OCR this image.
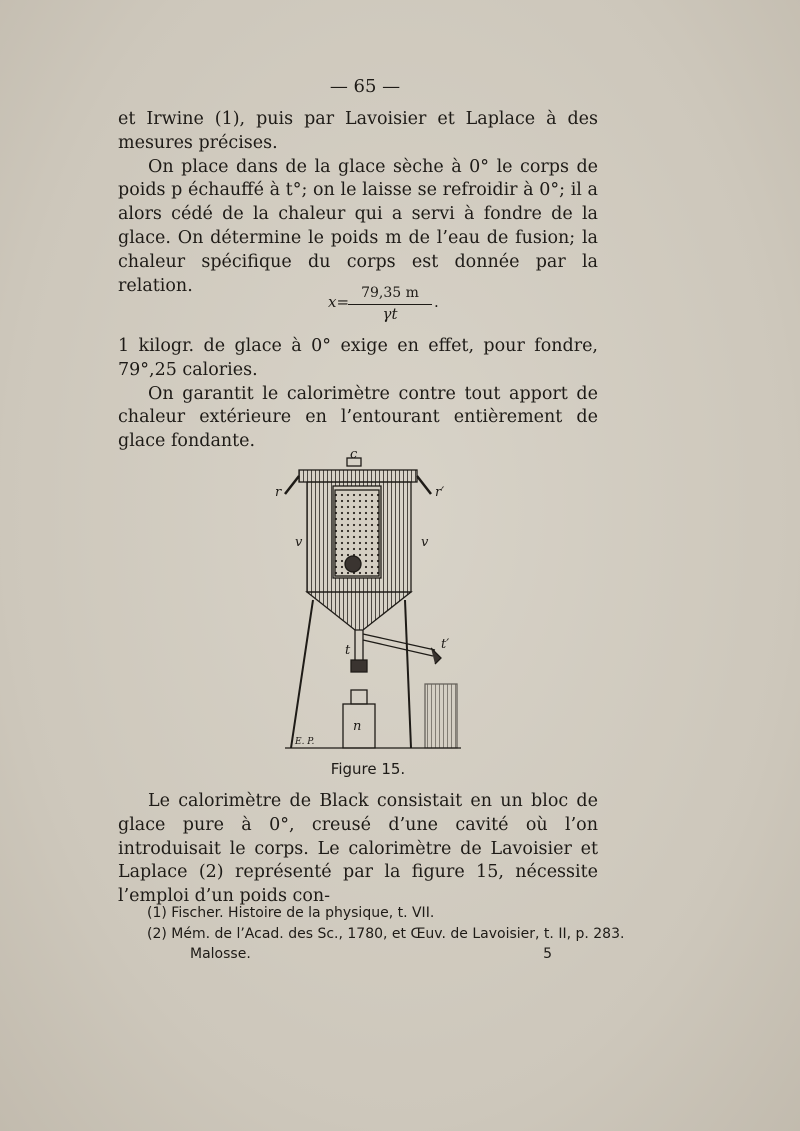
— 65 —

et Irwine (1), puis par Lavoisier et Laplace à des mesures précises.

On place dans de la glace sèche à 0° le corps de poids p échauffé à t°; on le laisse se refroidir à 0°; il a alors cédé de la chaleur qui a servi à fondre de la glace. On détermine le poids m de l’eau de fusion; la chaleur spécifique du corps est donnée par la relation.

x= 79,35 m
γt
.

1 kilogr. de glace à 0° exige en effet, pour fondre, 79°,25 calories.

On garantit le calorimètre contre tout apport de chaleur extérieure en l’entourant entièrement de glace fondante.

c
r	r′
v	v
t	t′
n
E. P.
Figure 15.

Le calorimètre de Black consistait en un bloc de glace pure à 0°, creusé d’une cavité où l’on introduisait le corps. Le calorimètre de Lavoisier et Laplace (2) représenté par la figure 15, nécessite l’emploi d’un poids con-

(1) Fischer. Histoire de la physique, t. VII.
(2) Mém. de l’Acad. des Sc., 1780, et Œuv. de Lavoisier, t. II, p. 283.
Malosse.	5
